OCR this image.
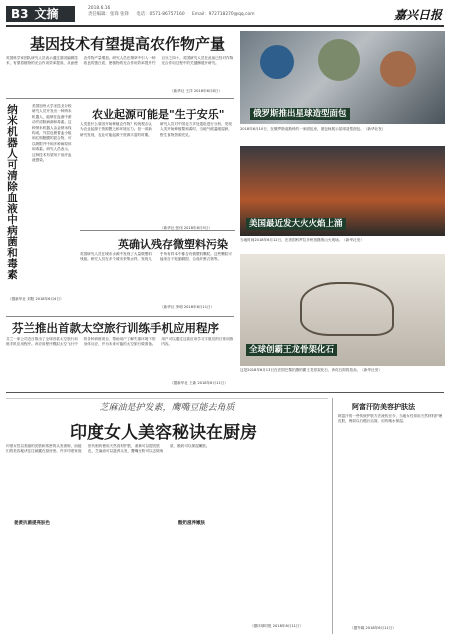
B3 文摘	2018.6.16
责任编辑：张锋 张锋 电话：0571-86757160 Email：972718270@qq.com	嘉兴日报
基因技术有望提高农作物产量
英国科学家团队研究人员表示通过基因编辑技术，有望将植物的光合作用效率提高，从而使农作物产量增加。研究人员在烟草中引入一种改良的蛋白质，使植物的光合作用效率提升约百分之四十。英国研究人员在此前已经对作物光合作用过程中的关键酶展开研究。
（新华社 王洋 2018年6月8日）
俄罗斯推出星球造型面包
2018年6月10日，在俄罗斯莫斯科的一家面包房，面包师展示星球造型面包。（新华社发）
纳米机器人可清除血液中病菌和毒素	美国加州大学圣迭戈分校研究人员开发出一种纳米机器人，能够在血液中游动并清除病菌和毒素。这种纳米机器人由金纳米线构成，外层包裹着血小板和红细胞膜的混合物，可以吸附并中和多种病原体和毒素。研究人员表示，这种技术有望用于治疗血液感染。
（据新华社 刘阳 2018年6月4日）
农业起源可能是"生于安乐"
人类是什么原因开始种植农作物？传统观点认为农业起源于资源匮乏和环境压力。但一项新研究发现，农业可能起源于资源丰富的时期。研究人员对中国北方多处遗址进行分析，发现人类开始种植粟和黍时，当地气候温暖湿润，野生食物资源充足。
（新华社 张伟 2018年6月5日）	美国最近发大火火焰上涌
当地时间2018年6月12日，在美国科罗拉多州拍摄的山火现场。（新华社发）
英确认残存微塑料污染
英国研究人员在城市水源中发现了大量微塑料残留。研究人员在多个城市采集水样，发现几乎所有样本中都含有微塑料颗粒。这些颗粒可能来自于轮胎磨损、合成纤维衣物等。
（新华社 李明 2018年6月11日）
全球创霸王龙骨架化石
这是2018年6月13日在法国巴黎拍摄的霸王龙骨架化石，该化石即将拍卖。（新华社发）
芬兰推出首款太空旅行训练手机应用程序
芬兰一家公司近日推出了全球首款太空旅行训练手机应用程序。该应用程序模拟太空飞行中的各种训练项目，帮助用户了解失重环境下的身体反应，并为未来可能的太空旅行做准备。用户可以通过这款应用学习宇航员的日常训练内容。
（据新华社 王新 2018年6月11日）
芝麻油是护发素，鹰嘴豆能去角质
印度女人美容秘诀在厨房
印度女性以美丽的皮肤和浓密的头发著称，而她们的美容秘诀往往就藏在厨房里。许多印度家庭世代相传使用天然食材护肤，姜黄可以提亮肤色，芝麻油可以滋养头发，鹰嘴豆粉可以去除角质，酸奶可以保湿嫩肤。
姜黄抗菌提亮肤色	酸奶滋养嫩肤
（据环球时报 2018年6月11日）
阿富汗防美容护肤法
阿富汗的一些传统护肤方法流传至今，当地女性常用天然材料护理皮肤，例如以石榴汁洁面，用玫瑰水保湿。
（据外媒 2018年6月11日）
